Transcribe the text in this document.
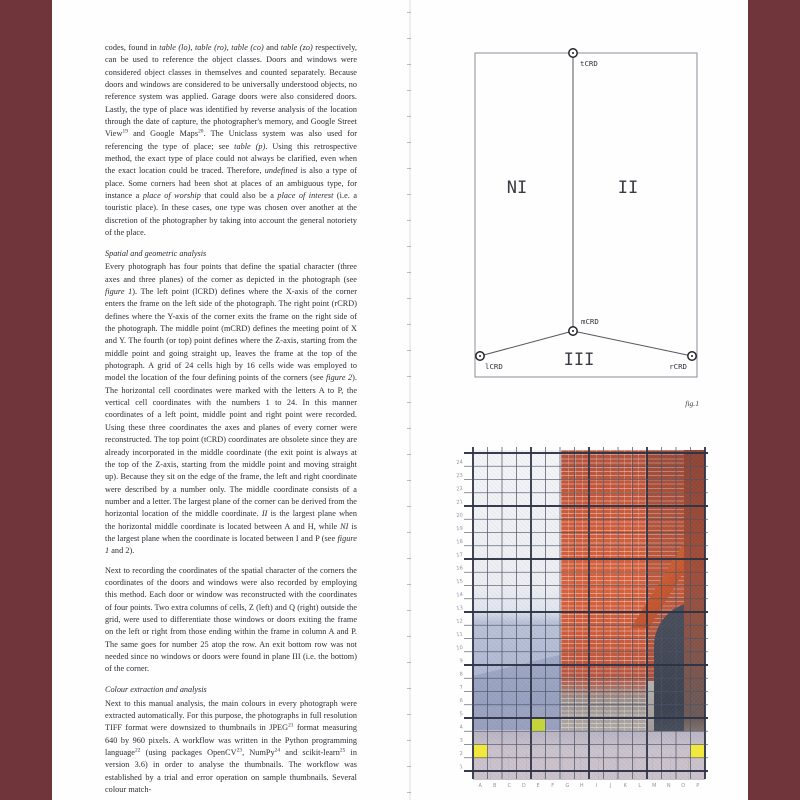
codes, found in table (lo), table (ro), table (co) and table (zo) respectively, can be used to reference the object classes. Doors and windows were considered object classes in themselves and counted separately. Because doors and windows are considered to be universally understood objects, no reference system was applied. Garage doors were also considered doors. Lastly, the type of place was identified by reverse analysis of the location through the date of capture, the photographer's memory, and Google Street View$^{19}$ and Google Maps$^{20}$. The Uniclass system was also used for referencing the type of place; see table (p). Using this retrospective method, the exact type of place could not always be clarified, even when the exact location could be traced. Therefore, undefined is also a type of place. Some corners had been shot at places of an ambiguous type, for instance a place of worship that could also be a place of interest (i.e. a touristic place). In these cases, one type was chosen over another at the discretion of the photographer by taking into account the general notoriety of the place.

Spatial and geometric analysis

Every photograph has four points that define the spatial character (three axes and three planes) of the corner as depicted in the photograph (see figure 1). The left point (lCRD) defines where the X-axis of the corner enters the frame on the left side of the photograph. The right point (rCRD) defines where the Y-axis of the corner exits the frame on the right side of the photograph. The middle point (mCRD) defines the meeting point of X and Y. The fourth (or top) point defines where the Z-axis, starting from the middle point and going straight up, leaves the frame at the top of the photograph. A grid of 24 cells high by 16 cells wide was employed to model the location of the four defining points of the corners (see figure 2). The horizontal cell coordinates were marked with the letters A to P, the vertical cell coordinates with the numbers 1 to 24. In this manner coordinates of a left point, middle point and right point were recorded. Using these three coordinates the axes and planes of every corner were reconstructed. The top point (tCRD) coordinates are obsolete since they are already incorporated in the middle coordinate (the exit point is always at the top of the Z-axis, starting from the middle point and moving straight up). Because they sit on the edge of the frame, the left and right coordinate were described by a number only. The middle coordinate consists of a number and a letter. The largest plane of the corner can be derived from the horizontal location of the middle coordinate. II is the largest plane when the horizontal middle coordinate is located between A and H, while NI is the largest plane when the coordinate is located between I and P (see figure 1 and 2).

Next to recording the coordinates of the spatial character of the corners the coordinates of the doors and windows were also recorded by employing this method. Each door or window was reconstructed with the coordinates of four points. Two extra columns of cells, Z (left) and Q (right) outside the grid, were used to differentiate those windows or doors exiting the frame on the left or right from those ending within the frame in column A and P. The same goes for number 25 atop the row. An exit bottom row was not needed since no windows or doors were found in plane III (i.e. the bottom) of the corner.

Colour extraction and analysis

Next to this manual analysis, the main colours in every photograph were extracted automatically. For this purpose, the photographs in full resolution TIFF format were downsized to thumbnails in JPEG$^{21}$ format measuring 640 by 960 pixels. A workflow was written in the Python programming language$^{22}$ (using packages OpenCV$^{23}$, NumPy$^{24}$ and scikit-learn$^{25}$ in version 3.6) in order to analyse the thumbnails. The workflow was established by a trial and error operation on sample thumbnails. Several colour match-

NI	II
III
tCRD
mCRD
lCRD	rCRD
fig.1
24
23
22
21
20
19
18
17
16
15
14
13
12
11
10
9
8
7
6
5
4
3
2
1
A B C D E F G H I	J K L M N O P
